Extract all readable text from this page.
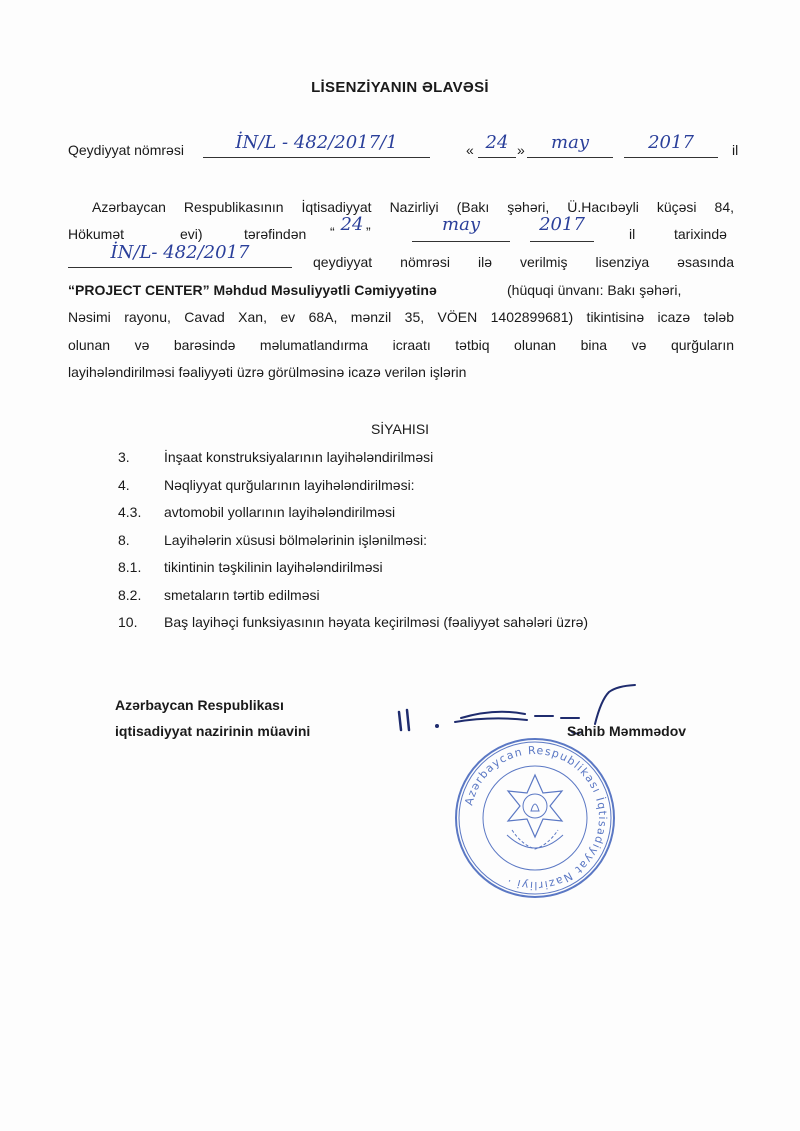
LİSENZİYANIN ƏLAVƏSİ
Qeydiyyat nömrəsi	İN/L - 482/2017/1	« 24 »	may	2017	il
Azərbaycan Respublikasının İqtisadiyyat Nazirliyi (Bakı şəhəri, Ü.Hacıbəyli küçəsi 84,
Hökumət	evi)	tərəfindən “ 24 ”	may	2017	il	tarixində
İN/L- 482/2017	qeydiyyat nömrəsi ilə verilmiş lisenziya əsasında
“PROJECT CENTER” Məhdud Məsuliyyətli Cəmiyyətinə	(hüquqi ünvanı: Bakı şəhəri,
Nəsimi rayonu, Cavad Xan, ev 68A, mənzil 35, VÖEN 1402899681) tikintisinə icazə tələb
olunan və barəsində məlumatlandırma icraatı tətbiq olunan bina və qurğuların
layihələndirilməsi fəaliyyəti üzrə görülməsinə icazə verilən işlərin
SİYAHISI
3. İnşaat konstruksiyalarının layihələndirilməsi
4. Nəqliyyat qurğularının layihələndirilməsi:
4.3. avtomobil yollarının layihələndirilməsi
8. Layihələrin xüsusi bölmələrinin işlənilməsi:
8.1. tikintinin təşkilinin layihələndirilməsi
8.2. smetaların tərtib edilməsi
10. Baş layihəçi funksiyasının həyata keçirilməsi (fəaliyyət sahələri üzrə)
Azərbaycan Respublikası
iqtisadiyyat nazirinin müavini	Sahib Məmmədov
Azərbaycan Respublikası İqtisadiyyat Nazirliyi ·
